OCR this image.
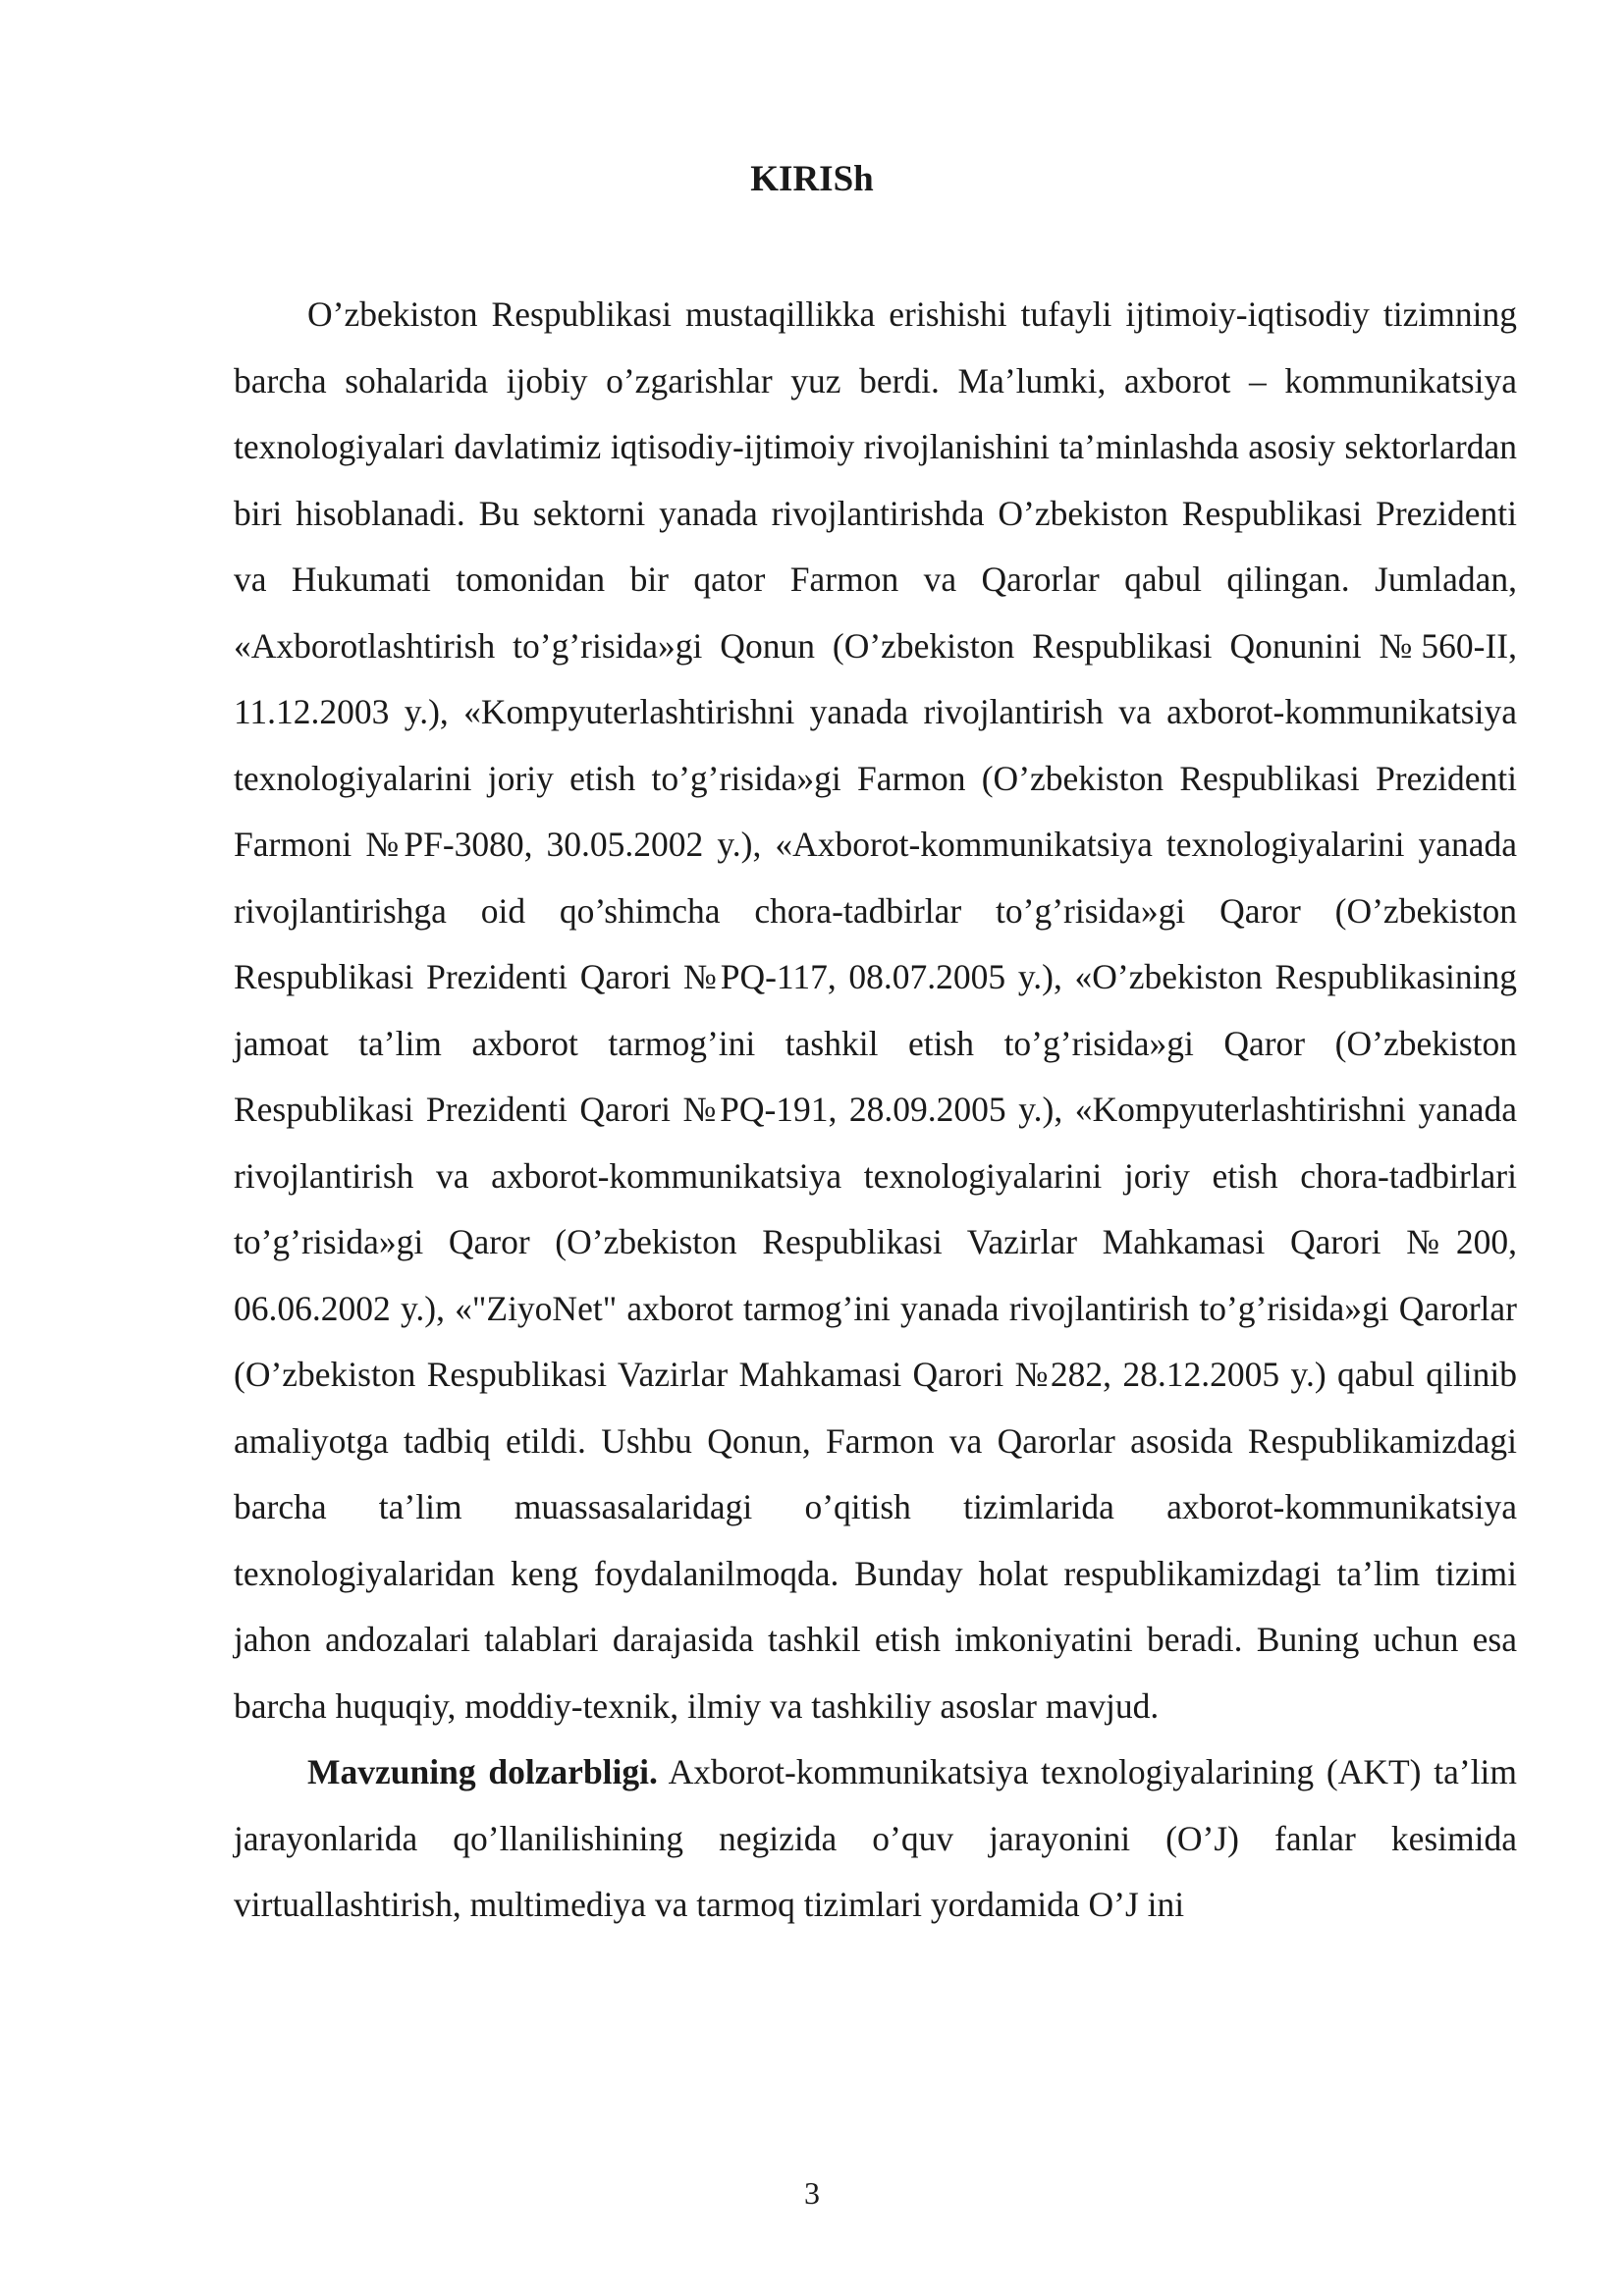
KIRISh

O’zbekiston Respublikasi mustaqillikka erishishi tufayli ijtimoiy-iqtisodiy tizimning barcha sohalarida ijobiy o’zgarishlar yuz berdi. Ma’lumki, axborot – kommunikatsiya texnologiyalari davlatimiz iqtisodiy-ijtimoiy rivojlanishini ta’minlashda asosiy sektorlardan biri hisoblanadi. Bu sektorni yanada rivojlantirishda O’zbekiston Respublikasi Prezidenti va Hukumati tomonidan bir qator Farmon va Qarorlar qabul qilingan. Jumladan, «Axborotlashtirish to’g’risida»gi Qonun (O’zbekiston Respublikasi Qonunini №560-II, 11.12.2003 y.), «Kompyuterlashtirishni yanada rivojlantirish va axborot-kommunikatsiya texnologiyalarini joriy etish to’g’risida»gi Farmon (O’zbekiston Respublikasi Prezidenti Farmoni №PF-3080, 30.05.2002 y.), «Axborot-kommunikatsiya texnologiyalarini yanada rivojlantirishga oid qo’shimcha chora-tadbirlar to’g’risida»gi Qaror (O’zbekiston Respublikasi Prezidenti Qarori №PQ-117, 08.07.2005 y.), «O’zbekiston Respublikasining jamoat ta’lim axborot tarmog’ini tashkil etish to’g’risida»gi Qaror (O’zbekiston Respublikasi Prezidenti Qarori №PQ-191, 28.09.2005 y.), «Kompyuterlashtirishni yanada rivojlantirish va axborot-kommunikatsiya texnologiyalarini joriy etish chora-tadbirlari to’g’risida»gi Qaror (O’zbekiston Respublikasi Vazirlar Mahkamasi Qarori №200, 06.06.2002 y.), «"ZiyoNet" axborot tarmog’ini yanada rivojlantirish to’g’risida»gi Qarorlar (O’zbekiston Respublikasi Vazirlar Mahkamasi Qarori №282, 28.12.2005 y.) qabul qilinib amaliyotga tadbiq etildi. Ushbu Qonun, Farmon va Qarorlar asosida Respublikamizdagi barcha ta’lim muassasalaridagi o’qitish tizimlarida axborot-kommunikatsiya texnologiyalaridan keng foydalanilmoqda. Bunday holat respublikamizdagi ta’lim tizimi jahon andozalari talablari darajasida tashkil etish imkoniyatini beradi. Buning uchun esa barcha huquqiy, moddiy-texnik, ilmiy va tashkiliy asoslar mavjud.

Mavzuning dolzarbligi. Axborot-kommunikatsiya texnologiyalarining (AKT) ta’lim jarayonlarida qo’llanilishining negizida o’quv jarayonini (O’J) fanlar kesimida virtuallashtirish, multimediya va tarmoq tizimlari yordamida O’J ini

3
